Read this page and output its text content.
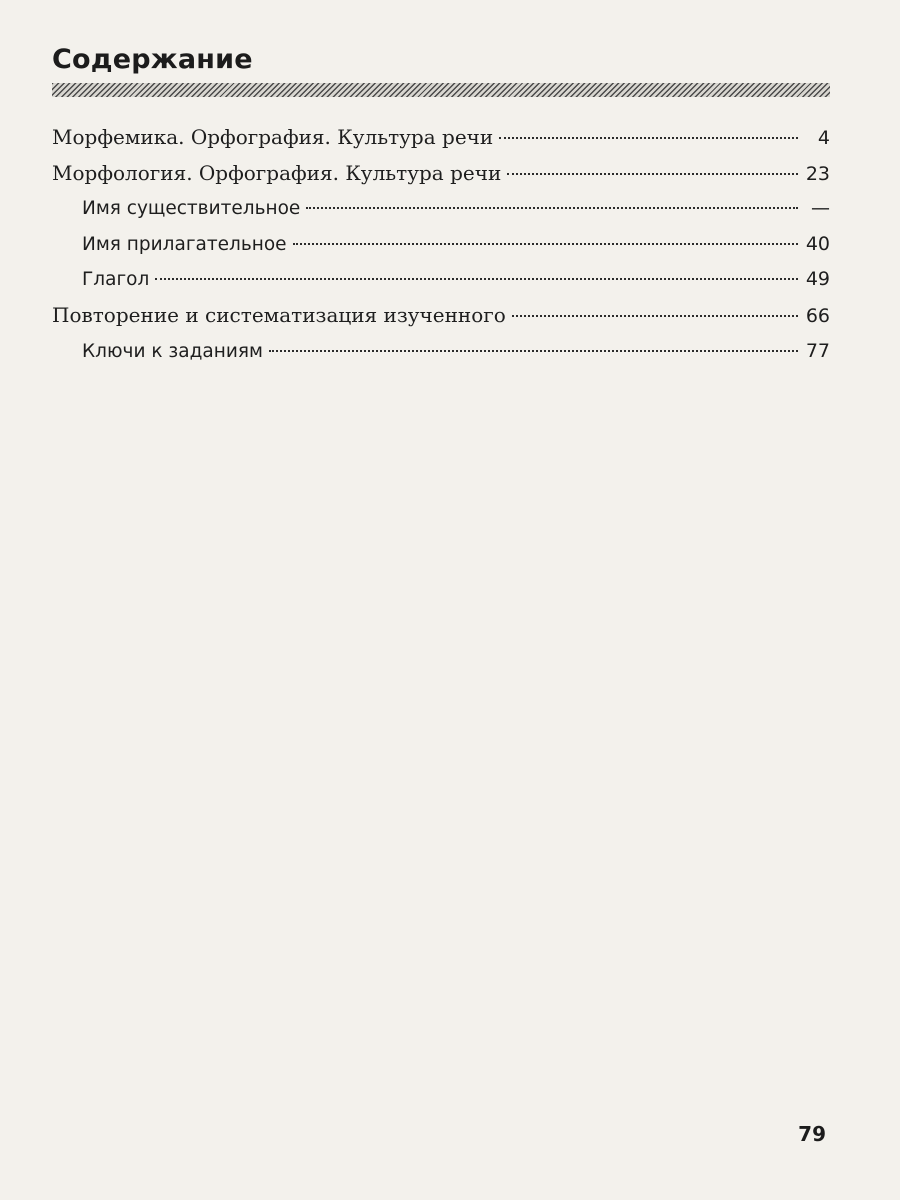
Содержание
Морфемика. Орфография. Культура речи	4
Морфология. Орфография. Культура речи	23
Имя существительное	—
Имя прилагательное	40
Глагол	49
Повторение и систематизация изученного	66
Ключи к заданиям	77
79
